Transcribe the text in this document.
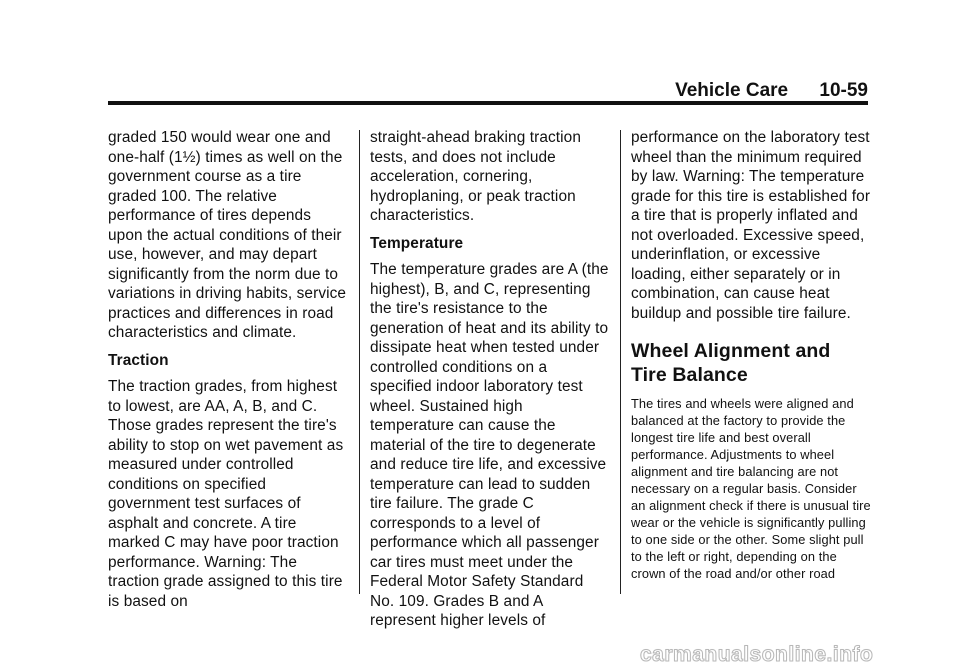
Vehicle Care 10-59

graded 150 would wear one and one-half (1½) times as well on the government course as a tire graded 100. The relative performance of tires depends upon the actual conditions of their use, however, and may depart significantly from the norm due to variations in driving habits, service practices and differences in road characteristics and climate.

Traction

The traction grades, from highest to lowest, are AA, A, B, and C. Those grades represent the tire's ability to stop on wet pavement as measured under controlled conditions on specified government test surfaces of asphalt and concrete. A tire marked C may have poor traction performance. Warning: The traction grade assigned to this tire is based on

straight-ahead braking traction tests, and does not include acceleration, cornering, hydroplaning, or peak traction characteristics.

Temperature

The temperature grades are A (the highest), B, and C, representing the tire's resistance to the generation of heat and its ability to dissipate heat when tested under controlled conditions on a specified indoor laboratory test wheel. Sustained high temperature can cause the material of the tire to degenerate and reduce tire life, and excessive temperature can lead to sudden tire failure. The grade C corresponds to a level of performance which all passenger car tires must meet under the Federal Motor Safety Standard No. 109. Grades B and A represent higher levels of

performance on the laboratory test wheel than the minimum required by law. Warning: The temperature grade for this tire is established for a tire that is properly inflated and not overloaded. Excessive speed, underinflation, or excessive loading, either separately or in combination, can cause heat buildup and possible tire failure.

Wheel Alignment and Tire Balance

The tires and wheels were aligned and balanced at the factory to provide the longest tire life and best overall performance. Adjustments to wheel alignment and tire balancing are not necessary on a regular basis. Consider an alignment check if there is unusual tire wear or the vehicle is significantly pulling to one side or the other. Some slight pull to the left or right, depending on the crown of the road and/or other road

carmanualsonline.info
